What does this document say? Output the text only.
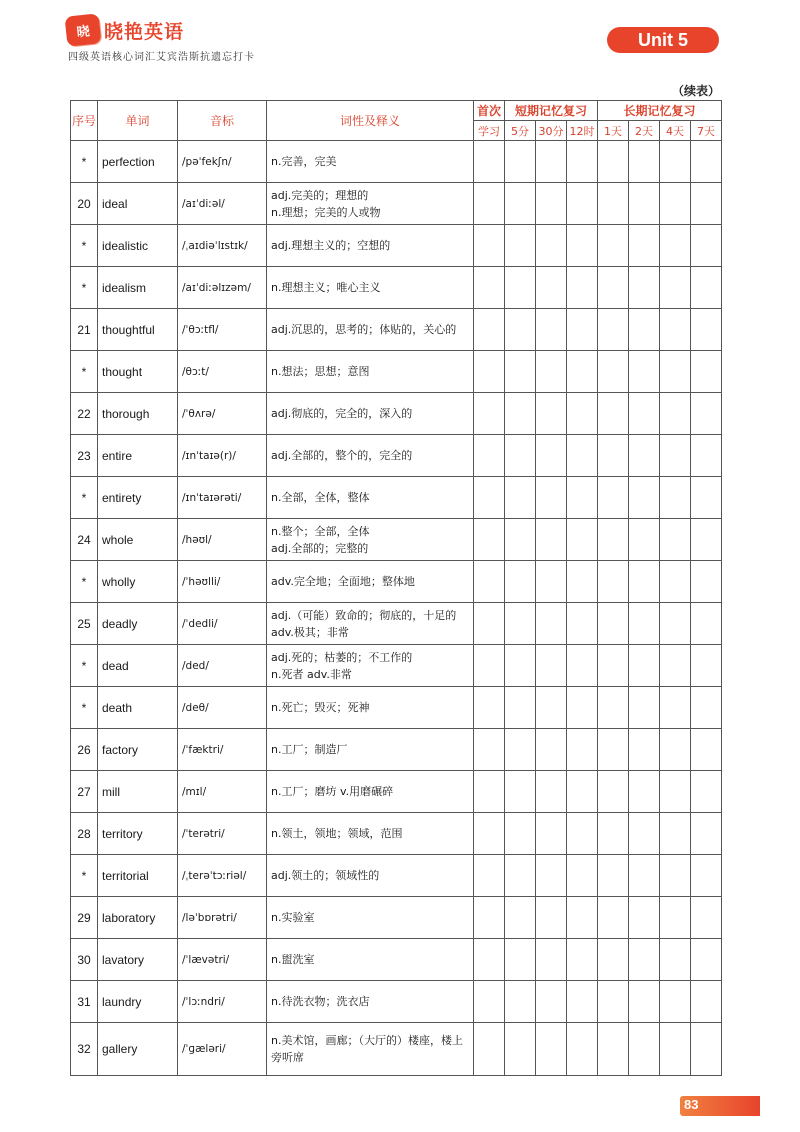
晓 晓艳英语
四级英语核心词汇艾宾浩斯抗遗忘打卡
Unit 5
（续表）
序号	单词	音标	词性及释义	首次	短期记忆复习			长期记忆复习			
				学习	5分	30分	12时	1天	2天	4天	7天
*	perfection	/pəˈfekʃn/	n.完善，完美								

20	ideal	/aɪˈdiːəl/	adj.完美的；理想的
n.理想；完美的人或物								

*	idealistic	/ˌaɪdiəˈlɪstɪk/	adj.理想主义的；空想的								

*	idealism	/aɪˈdiːəlɪzəm/	n.理想主义；唯心主义								

21	thoughtful	/ˈθɔːtfl/	adj.沉思的，思考的；体贴的，关心的								

*	thought	/θɔːt/	n.想法；思想；意图								

22	thorough	/ˈθʌrə/	adj.彻底的，完全的，深入的								

23	entire	/ɪnˈtaɪə(r)/	adj.全部的，整个的，完全的								

*	entirety	/ɪnˈtaɪərəti/	n.全部，全体，整体								

24	whole	/həʊl/	n.整个；全部，全体
adj.全部的；完整的								

*	wholly	/ˈhəʊlli/	adv.完全地；全面地；整体地								

25	deadly	/ˈdedli/	adj.（可能）致命的；彻底的，十足的
adv.极其；非常								

*	dead	/ded/	adj.死的；枯萎的；不工作的
n.死者 adv.非常								

*	death	/deθ/	n.死亡；毁灭；死神								

26	factory	/ˈfæktri/	n.工厂；制造厂								

27	mill	/mɪl/	n.工厂；磨坊 v.用磨碾碎								

28	territory	/ˈterətri/	n.领土，领地；领域，范围								

*	territorial	/ˌterəˈtɔːriəl/	adj.领土的；领域性的								

29	laboratory	/ləˈbɒrətri/	n.实验室								

30	lavatory	/ˈlævətri/	n.盥洗室								

31	laundry	/ˈlɔːndri/	n.待洗衣物；洗衣店								

32	gallery	/ˈɡæləri/	n.美术馆，画廊；（大厅的）楼座，楼上
旁听席								

83
